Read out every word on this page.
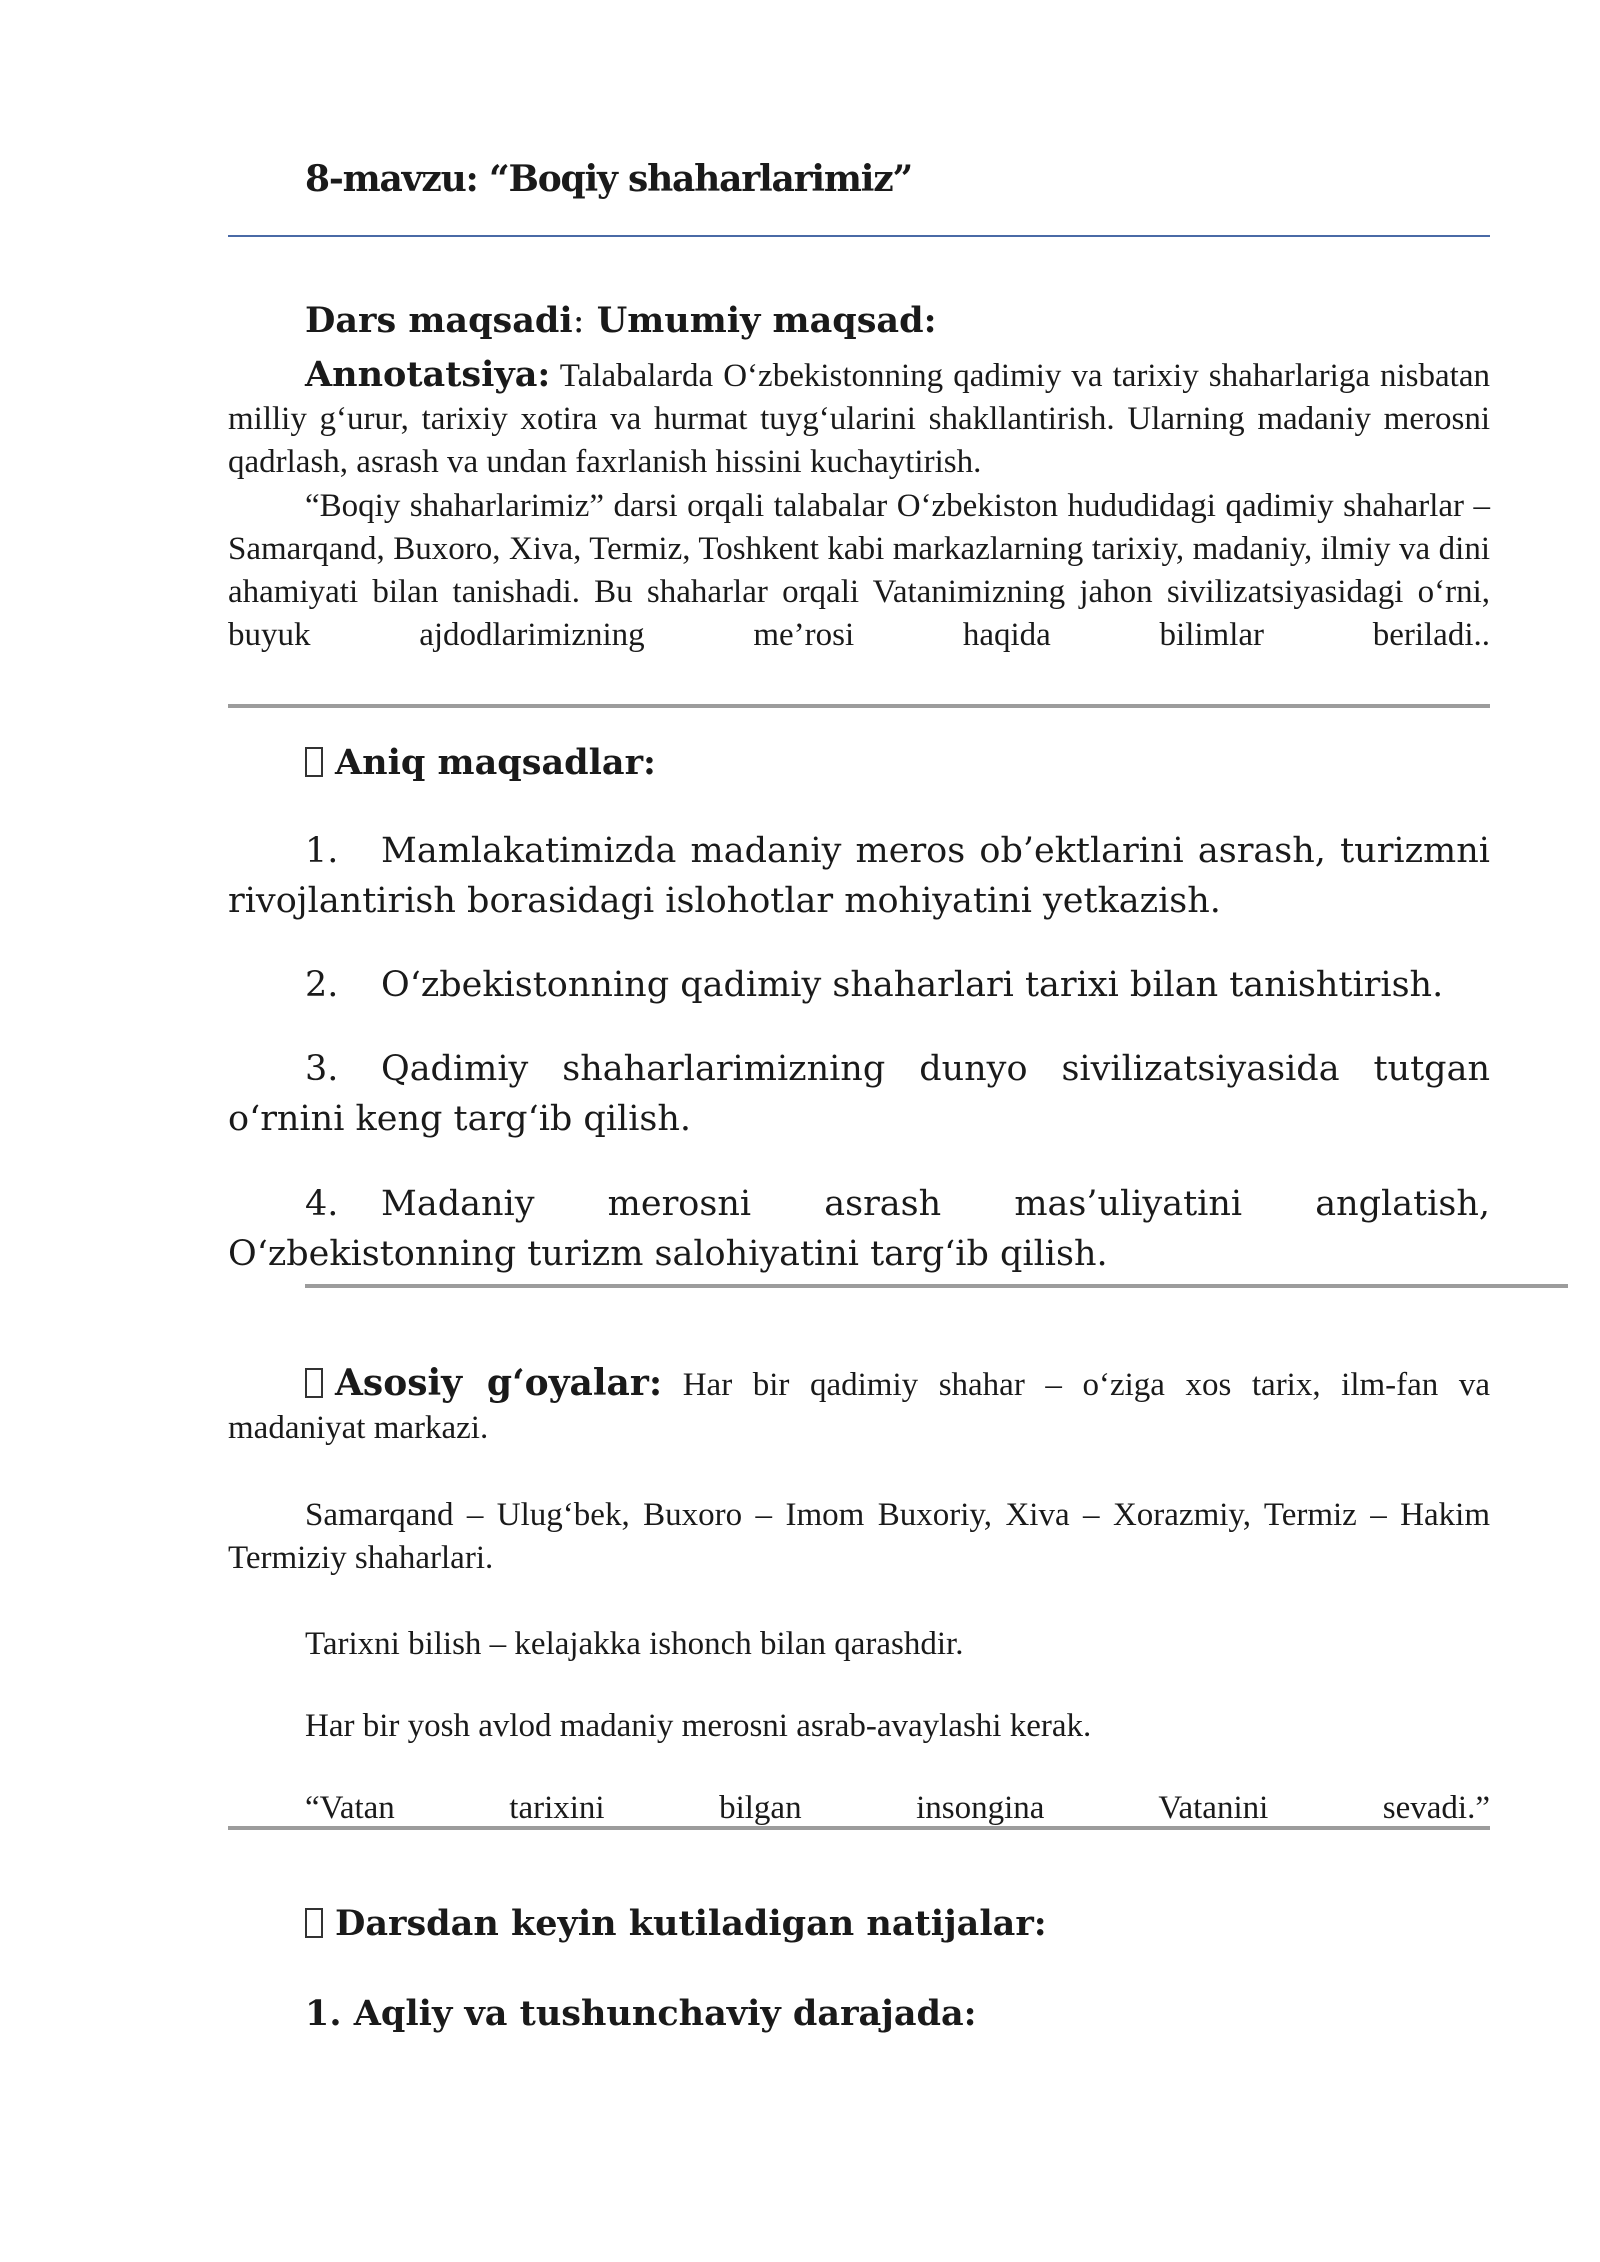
8-mavzu: “Boqiy shaharlarimiz”
Dars maqsadi: Umumiy maqsad:
Annotatsiya: Talabalarda O‘zbekistonning qadimiy va tarixiy shaharlariga nisbatan milliy g‘urur, tarixiy xotira va hurmat tuyg‘ularini shakllantirish. Ularning madaniy merosni qadrlash, asrash va undan faxrlanish hissini kuchaytirish.
“Boqiy shaharlarimiz” darsi orqali talabalar O‘zbekiston hududidagi qadimiy shaharlar – Samarqand, Buxoro, Xiva, Termiz, Toshkent kabi markazlarning tarixiy, madaniy, ilmiy va dini ahamiyati bilan tanishadi. Bu shaharlar orqali Vatanimizning jahon sivilizatsiyasidagi o‘rni, buyuk ajdodlarimizning me’rosi haqida bilimlar beriladi..
Aniq maqsadlar:
1. Mamlakatimizda madaniy meros ob’ektlarini asrash, turizmni rivojlantirish borasidagi islohotlar mohiyatini yetkazish.
2. O‘zbekistonning qadimiy shaharlari tarixi bilan tanishtirish.
3. Qadimiy shaharlarimizning dunyo sivilizatsiyasida tutgan o‘rnini keng targ‘ib qilish.
4. Madaniy merosni asrash mas’uliyatini anglatish, O‘zbekistonning turizm salohiyatini targ‘ib qilish.
Asosiy g‘oyalar: Har bir qadimiy shahar – o‘ziga xos tarix, ilm-fan va madaniyat markazi.
Samarqand – Ulug‘bek, Buxoro – Imom Buxoriy, Xiva – Xorazmiy, Termiz – Hakim Termiziy shaharlari.
Tarixni bilish – kelajakka ishonch bilan qarashdir.
Har bir yosh avlod madaniy merosni asrab-avaylashi kerak.
“Vatan tarixini bilgan insongina Vatanini sevadi.”
Darsdan keyin kutiladigan natijalar:
1. Aqliy va tushunchaviy darajada:
